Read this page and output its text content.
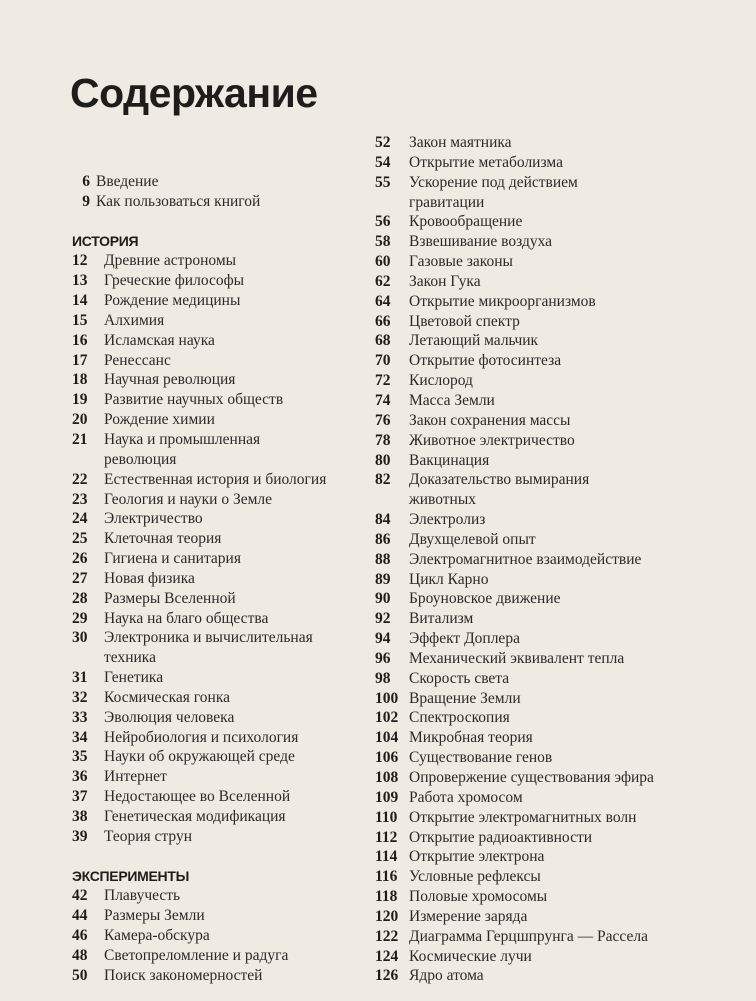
Содержание
6 Введение
9 Как пользоваться книгой
ИСТОРИЯ
12	Древние астрономы
13	Греческие философы
14	Рождение медицины
15	Алхимия
16	Исламская наука
17	Ренессанс
18	Научная революция
19	Развитие научных обществ
20	Рождение химии
21	Наука и промышленная
революция
22	Естественная история и биология
23	Геология и науки о Земле
24	Электричество
25	Клеточная теория
26	Гигиена и санитария
27	Новая физика
28	Размеры Вселенной
29	Наука на благо общества
30	Электроника и вычислительная
техника
31	Генетика
32	Космическая гонка
33	Эволюция человека
34	Нейробиология и психология
35	Науки об окружающей среде
36	Интернет
37	Недостающее во Вселенной
38	Генетическая модификация
39	Теория струн
ЭКСПЕРИМЕНТЫ
42	Плавучесть
44	Размеры Земли
46	Камера-обскура
48	Светопреломление и радуга
50	Поиск закономерностей
52	Закон маятника
54	Открытие метаболизма
55	Ускорение под действием
гравитации
56	Кровообращение
58	Взвешивание воздуха
60	Газовые законы
62	Закон Гука
64	Открытие микроорганизмов
66	Цветовой спектр
68	Летающий мальчик
70	Открытие фотосинтеза
72	Кислород
74	Масса Земли
76	Закон сохранения массы
78	Животное электричество
80	Вакцинация
82	Доказательство вымирания
животных
84	Электролиз
86	Двухщелевой опыт
88	Электромагнитное взаимодействие
89	Цикл Карно
90	Броуновское движение
92	Витализм
94	Эффект Доплера
96	Механический эквивалент тепла
98	Скорость света
100 Вращение Земли
102 Спектроскопия
104 Микробная теория
106 Существование генов
108 Опровержение существования эфира
109 Работа хромосом
110 Открытие электромагнитных волн
112 Открытие радиоактивности
114 Открытие электрона
116 Условные рефлексы
118 Половые хромосомы
120 Измерение заряда
122 Диаграмма Герцшпрунга — Рассела
124 Космические лучи
126 Ядро атома
